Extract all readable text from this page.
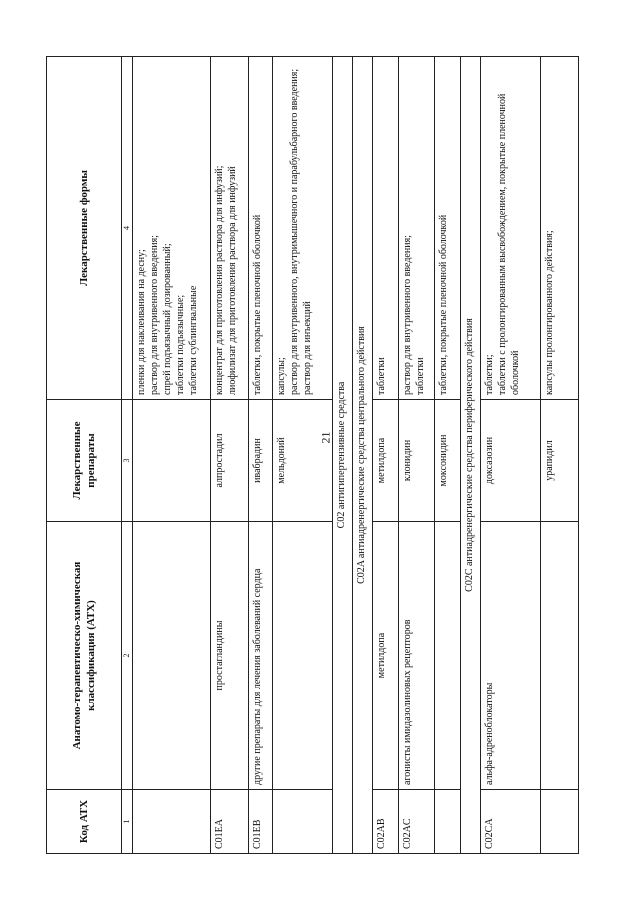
21
Код АТХ	Анатомо-терапевтическо-химическая классификация (АТХ)	Лекарственные препараты	Лекарственные формы
1	2	3	4
			пленки для наклеивания на десну;
раствор для внутривенного введения;
спрей подъязычный дозированный;
таблетки подъязычные;
таблетки сублингвальные
C01EA	простагландины	алпростадил	концентрат для приготовления раствора для инфузий;
лиофилизат для приготовления раствора для инфузий
C01EB	другие препараты для лечения заболеваний сердца	ивабрадин	таблетки, покрытые пленочной оболочкой
		мельдоний	капсулы;
раствор для внутривенного, внутримышечного и парабульбарного введения;
раствор для инъекций
C02 антигипертензивные средства			
C02A антиадренергические средства центрального действия			
C02AB	метилдопа	метилдопа	таблетки
C02AC	агонисты имидазолиновых рецепторов	клонидин	раствор для внутривенного введения;
таблетки
		моксонидин	таблетки, покрытые пленочной оболочкой
C02C антиадренергические средства периферического действия			
C02CA	альфа-адреноблокаторы	доксазозин	таблетки;
таблетки с пролонгированным высвобождением, покрытые пленочной оболочкой
		урапидил	капсулы пролонгированного действия;
